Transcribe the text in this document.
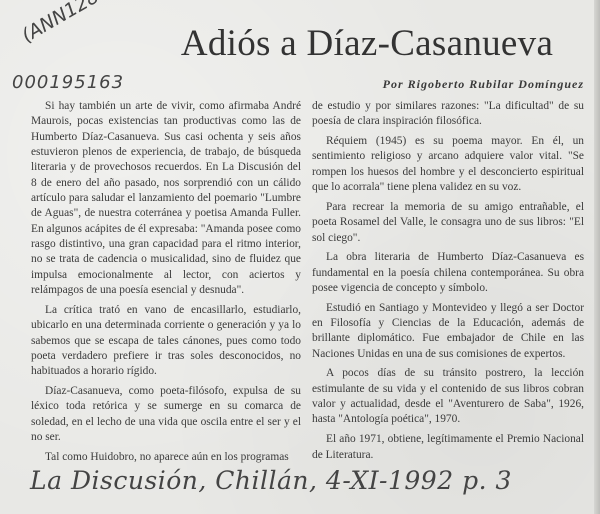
000195163
Adiós a Díaz-Casanueva
Por Rigoberto Rubilar Domínguez

Si hay también un arte de vivir, como afirmaba André Maurois, pocas existencias tan productivas como las de Humberto Díaz-Casanueva. Sus casi ochenta y seis años estuvieron plenos de experiencia, de trabajo, de búsqueda literaria y de provechosos recuerdos. En La Discusión del 8 de enero del año pasado, nos sorprendió con un cálido artículo para saludar el lanzamiento del poemario "Lumbre de Aguas", de nuestra coterránea y poetisa Amanda Fuller. En algunos acápites de él expresaba: "Amanda posee como rasgo distintivo, una gran capacidad para el ritmo interior, no se trata de cadencia o musicalidad, sino de fluidez que impulsa emocionalmente al lector, con aciertos y relámpagos de una poesía esencial y desnuda".

La crítica trató en vano de encasillarlo, estudiarlo, ubicarlo en una determinada corriente o generación y ya lo sabemos que se escapa de tales cánones, pues como todo poeta verdadero prefiere ir tras soles desconocidos, no habituados a horario rígido.

Díaz-Casanueva, como poeta-filósofo, expulsa de su léxico toda retórica y se sumerge en su comarca de soledad, en el lecho de una vida que oscila entre el ser y el no ser.

Tal como Huidobro, no aparece aún en los programas

de estudio y por similares razones: "La dificultad" de su poesía de clara inspiración filosófica.

Réquiem (1945) es su poema mayor. En él, un sentimiento religioso y arcano adquiere valor vital. "Se rompen los huesos del hombre y el desconcierto espiritual que lo acorrala" tiene plena validez en su voz.

Para recrear la memoria de su amigo entrañable, el poeta Rosamel del Valle, le consagra uno de sus libros: "El sol ciego".

La obra literaria de Humberto Díaz-Casanueva es fundamental en la poesía chilena contemporánea. Su obra posee vigencia de concepto y símbolo.

Estudió en Santiago y Montevideo y llegó a ser Doctor en Filosofía y Ciencias de la Educación, además de brillante diplomático. Fue embajador de Chile en las Naciones Unidas en una de sus comisiones de expertos.

A pocos días de su tránsito postrero, la lección estimulante de su vida y el contenido de sus libros cobran valor y actualidad, desde el "Aventurero de Saba", 1926, hasta "Antología poética", 1970.

El año 1971, obtiene, legítimamente el Premio Nacional de Literatura.

La Discusión, Chillán, 4-XI-1992 p. 3
